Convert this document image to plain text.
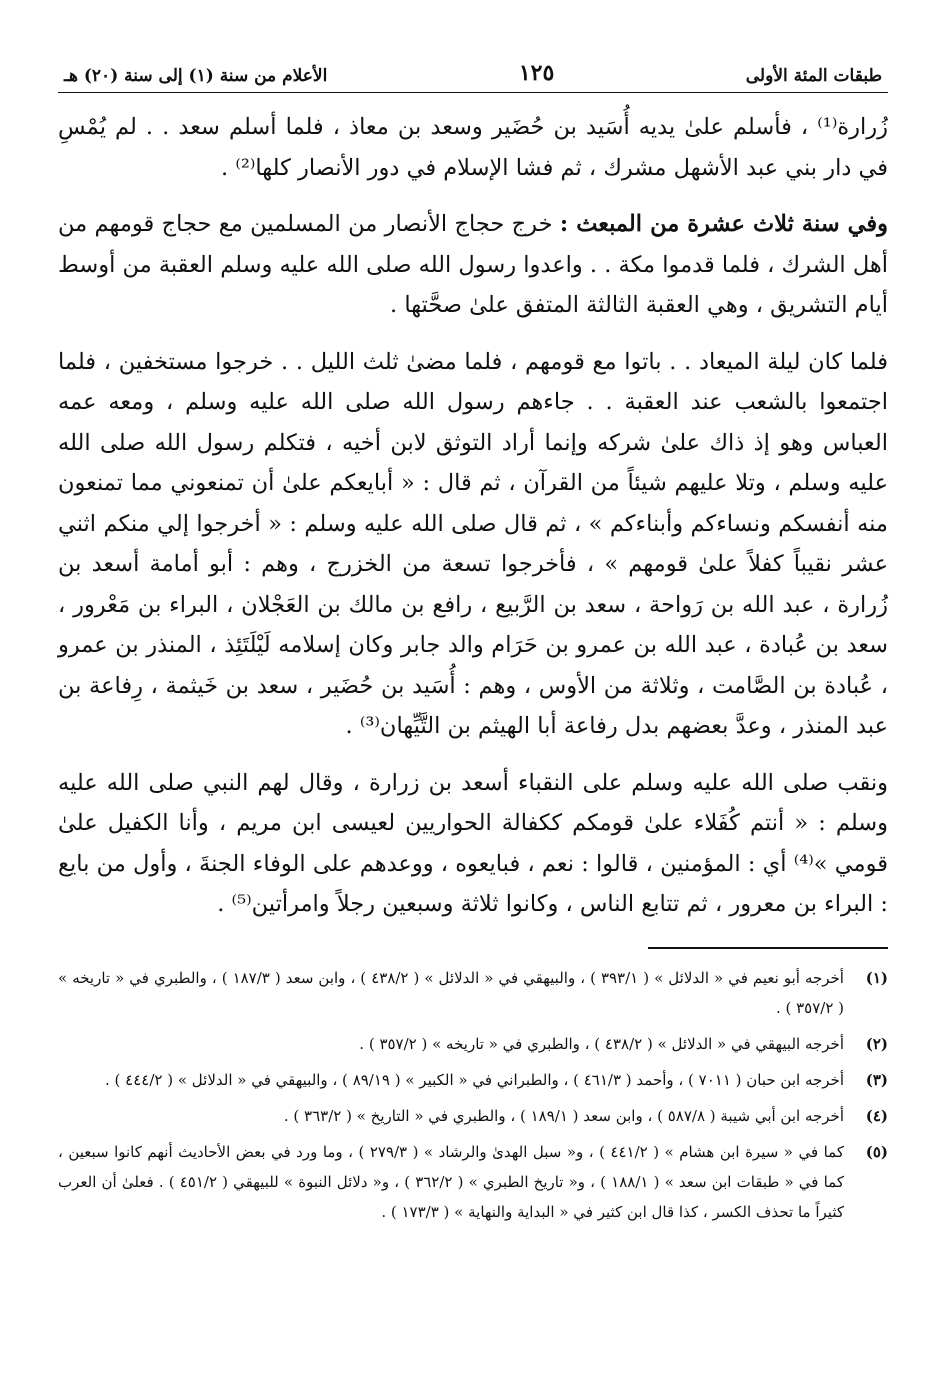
طبقات المئة الأولى
١٢٥
الأعلام من سنة (١) إلى سنة (٢٠) هـ

زُرارة⁽¹⁾ ، فأسلم علىٰ يديه أُسَيد بن حُضَير وسعد بن معاذ ، فلما أسلم سعد . . لم يُمْسِ في دار بني عبد الأشهل مشرك ، ثم فشا الإسلام في دور الأنصار كلها⁽²⁾ .

وفي سنة ثلاث عشرة من المبعث : خرج حجاج الأنصار من المسلمين مع حجاج قومهم من أهل الشرك ، فلما قدموا مكة . . واعدوا رسول الله صلى الله عليه وسلم العقبة من أوسط أيام التشريق ، وهي العقبة الثالثة المتفق علىٰ صحَّتها .

فلما كان ليلة الميعاد . . باتوا مع قومهم ، فلما مضىٰ ثلث الليل . . خرجوا مستخفين ، فلما اجتمعوا بالشعب عند العقبة . . جاءهم رسول الله صلى الله عليه وسلم ، ومعه عمه العباس وهو إذ ذاك علىٰ شركه وإنما أراد التوثق لابن أخيه ، فتكلم رسول الله صلى الله عليه وسلم ، وتلا عليهم شيئاً من القرآن ، ثم قال : « أبايعكم علىٰ أن تمنعوني مما تمنعون منه أنفسكم ونساءكم وأبناءكم » ، ثم قال صلى الله عليه وسلم : « أخرجوا إلي منكم اثني عشر نقيباً كفلاً علىٰ قومهم » ، فأخرجوا تسعة من الخزرج ، وهم : أبو أمامة أسعد بن زُرارة ، عبد الله بن رَواحة ، سعد بن الرَّبيع ، رافع بن مالك بن العَجْلان ، البراء بن مَعْرور ، سعد بن عُبادة ، عبد الله بن عمرو بن حَرَام والد جابر وكان إسلامه لَيْلَتَئِذ ، المنذر بن عمرو ، عُبادة بن الصَّامت ، وثلاثة من الأوس ، وهم : أُسَيد بن حُضَير ، سعد بن خَيثمة ، رِفاعة بن عبد المنذر ، وعدَّ بعضهم بدل رفاعة أبا الهيثم بن التَّيِّهان⁽³⁾ .

ونقب صلى الله عليه وسلم على النقباء أسعد بن زرارة ، وقال لهم النبي صلى الله عليه وسلم : « أنتم كُفَلاء علىٰ قومكم ككفالة الحواريين لعيسى ابن مريم ، وأنا الكفيل علىٰ قومي »⁽⁴⁾ أي : المؤمنين ، قالوا : نعم ، فبايعوه ، ووعدهم على الوفاء الجنةَ ، وأول من بايع : البراء بن معرور ، ثم تتابع الناس ، وكانوا ثلاثة وسبعين رجلاً وامرأتين⁽⁵⁾ .

(١)
أخرجه أبو نعيم في « الدلائل » ( ٣٩٣/١ ) ، والبيهقي في « الدلائل » ( ٤٣٨/٢ ) ، وابن سعد ( ١٨٧/٣ ) ، والطبري في « تاريخه » ( ٣٥٧/٢ ) .
(٢)
أخرجه البيهقي في « الدلائل » ( ٤٣٨/٢ ) ، والطبري في « تاريخه » ( ٣٥٧/٢ ) .
(٣)
أخرجه ابن حبان ( ٧٠١١ ) ، وأحمد ( ٤٦١/٣ ) ، والطبراني في « الكبير » ( ٨٩/١٩ ) ، والبيهقي في « الدلائل » ( ٤٤٤/٢ ) .
(٤)
أخرجه ابن أبي شيبة ( ٥٨٧/٨ ) ، وابن سعد ( ١٨٩/١ ) ، والطبري في « التاريخ » ( ٣٦٣/٢ ) .
(٥)
كما في « سيرة ابن هشام » ( ٤٤١/٢ ) ، و« سبل الهدىٰ والرشاد » ( ٢٧٩/٣ ) ، وما ورد في بعض الأحاديث أنهم كانوا سبعين ، كما في « طبقات ابن سعد » ( ١٨٨/١ ) ، و« تاريخ الطبري » ( ٣٦٢/٢ ) ، و« دلائل النبوة » للبيهقي ( ٤٥١/٢ ) . فعلىٰ أن العرب كثيراً ما تحذف الكسر ، كذا قال ابن كثير في « البداية والنهاية » ( ١٧٣/٣ ) .
